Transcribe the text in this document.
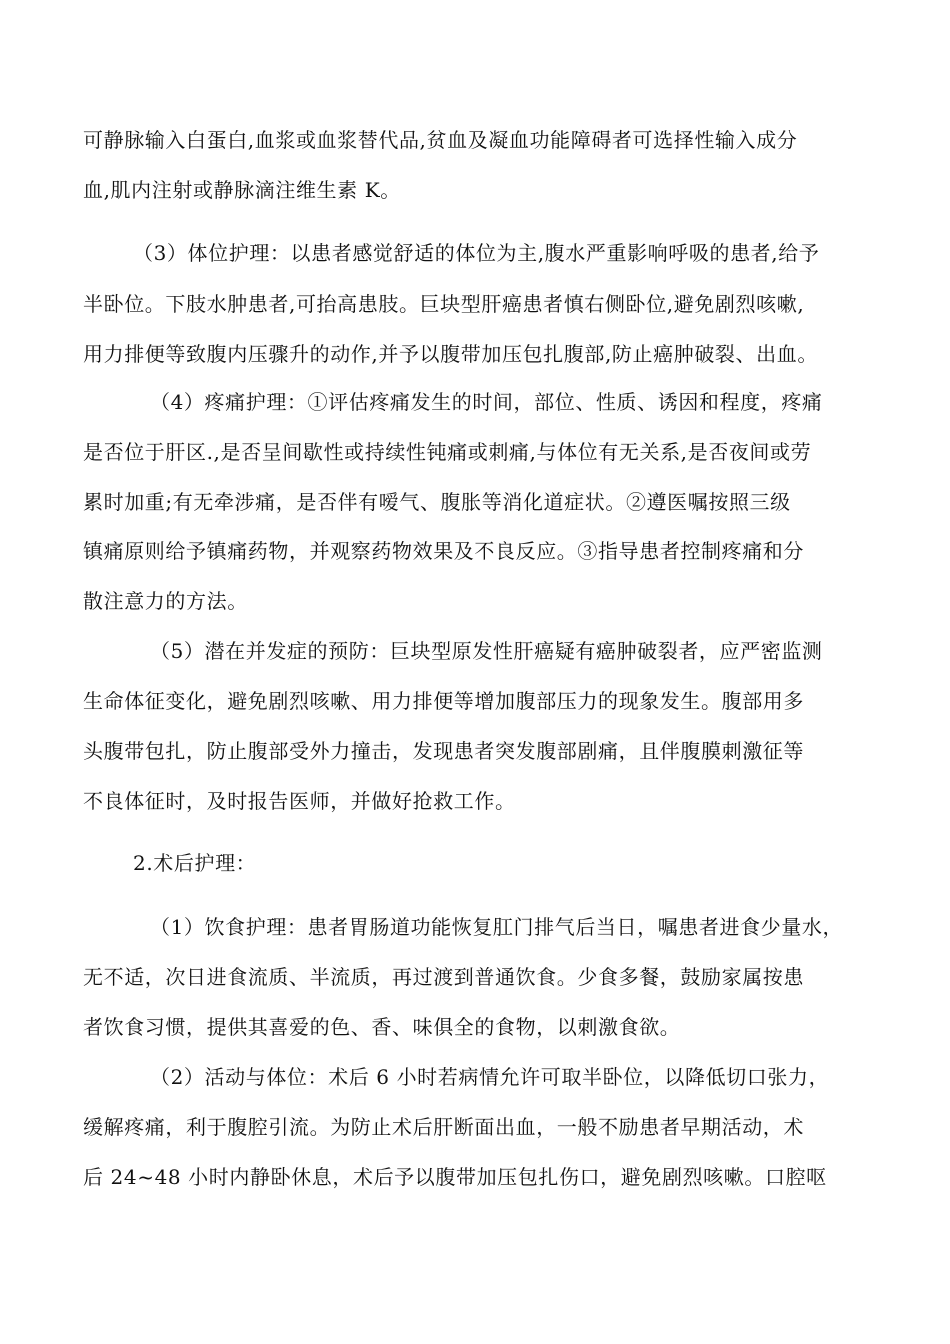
可静脉输入白蛋白,血浆或血浆替代品,贫血及凝血功能障碍者可选择性输入成分
血,肌内注射或静脉滴注维生素 K。
（3）体位护理：以患者感觉舒适的体位为主,腹水严重影响呼吸的患者,给予
半卧位。下肢水肿患者,可抬高患肢。巨块型肝癌患者慎右侧卧位,避免剧烈咳嗽,
用力排便等致腹内压骤升的动作,并予以腹带加压包扎腹部,防止癌肿破裂、出血。
（4）疼痛护理：①评估疼痛发生的时间，部位、性质、诱因和程度，疼痛
是否位于肝区.,是否呈间歇性或持续性钝痛或刺痛,与体位有无关系,是否夜间或劳
累时加重;有无牵涉痛，是否伴有嗳气、腹胀等消化道症状。②遵医嘱按照三级
镇痛原则给予镇痛药物，并观察药物效果及不良反应。③指导患者控制疼痛和分
散注意力的方法。
（5）潜在并发症的预防：巨块型原发性肝癌疑有癌肿破裂者，应严密监测
生命体征变化，避免剧烈咳嗽、用力排便等增加腹部压力的现象发生。腹部用多
头腹带包扎，防止腹部受外力撞击，发现患者突发腹部剧痛，且伴腹膜刺激征等
不良体征时，及时报告医师，并做好抢救工作。
2.术后护理：
（1）饮食护理：患者胃肠道功能恢复肛门排气后当日，嘱患者进食少量水，
无不适，次日进食流质、半流质，再过渡到普通饮食。少食多餐，鼓励家属按患
者饮食习惯，提供其喜爱的色、香、味俱全的食物，以刺激食欲。
（2）活动与体位：术后 6 小时若病情允许可取半卧位，以降低切口张力，
缓解疼痛，利于腹腔引流。为防止术后肝断面出血，一般不励患者早期活动，术
后 24~48 小时内静卧休息，术后予以腹带加压包扎伤口，避免剧烈咳嗽。口腔呕
